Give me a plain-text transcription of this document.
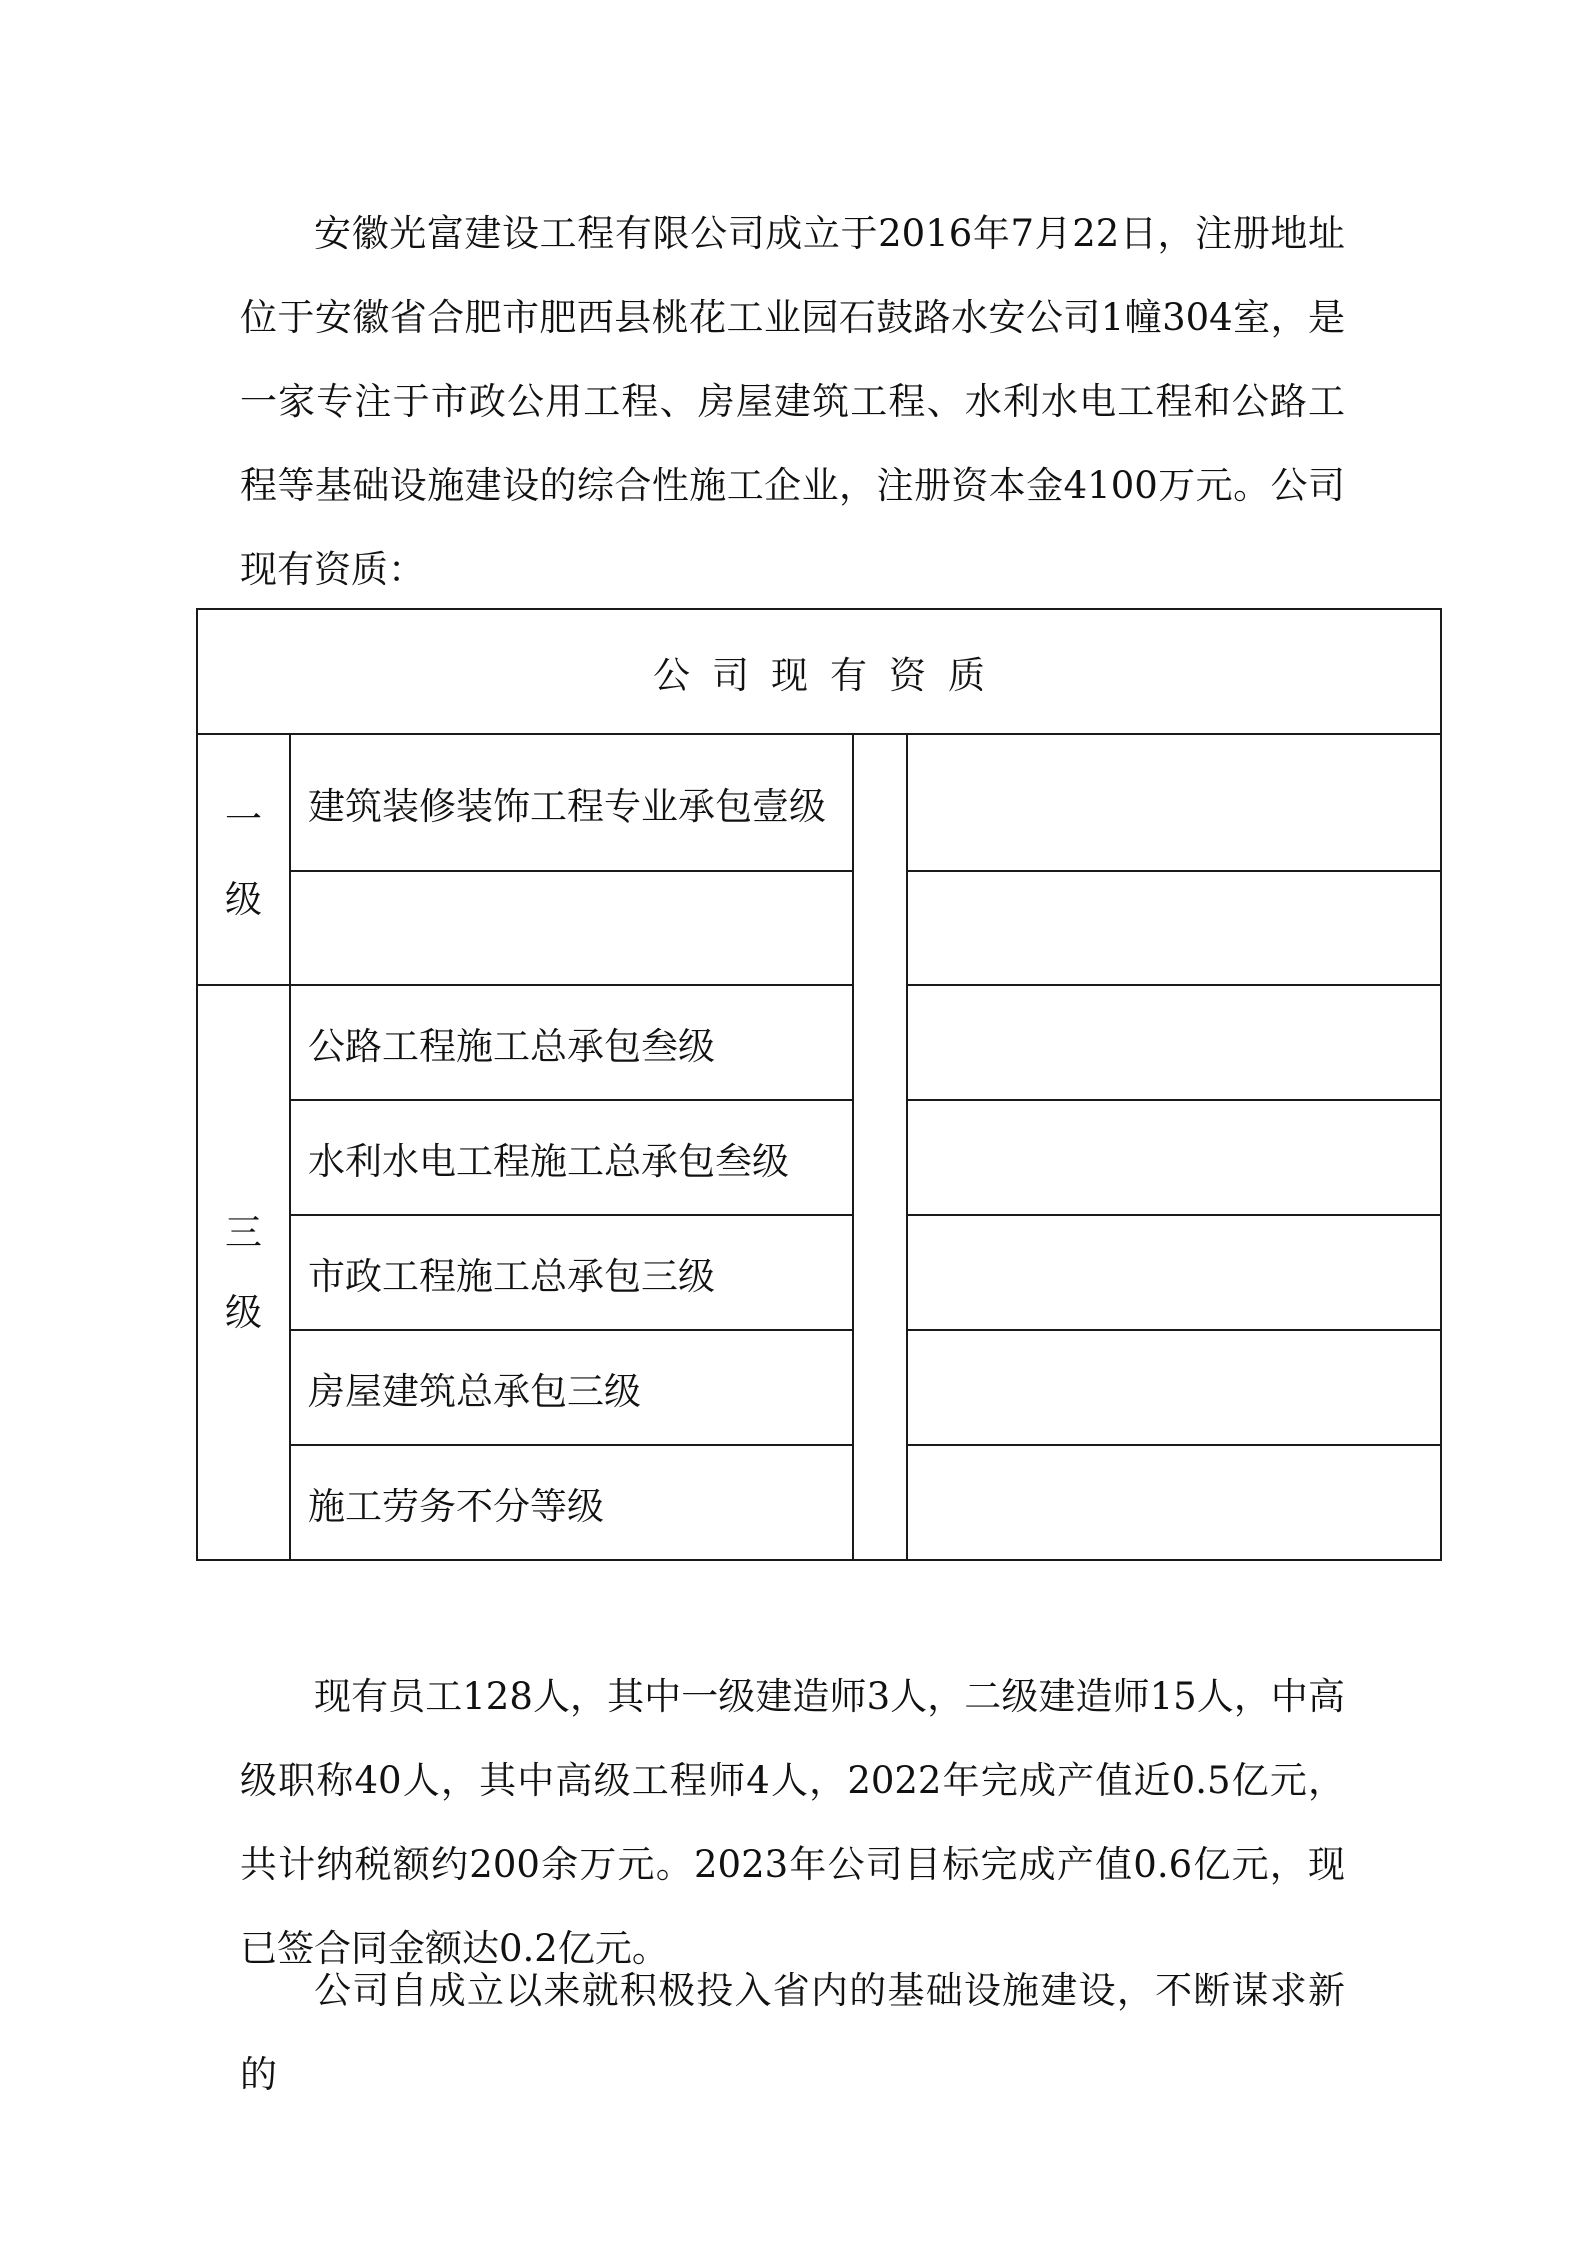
安徽光富建设工程有限公司成立于2016年7月22日，注册地址位于安徽省合肥市肥西县桃花工业园石鼓路水安公司1幢304室，是一家专注于市政公用工程、房屋建筑工程、水利水电工程和公路工程等基础设施建设的综合性施工企业，注册资本金4100万元。公司现有资质：

公司现有资质			

一
级	建筑装修装饰工程专业承包壹级		

三
级	公路工程施工总承包叁级		
	水利水电工程施工总承包叁级		
	市政工程施工总承包三级		
	房屋建筑总承包三级		
	施工劳务不分等级		

现有员工128人，其中一级建造师3人，二级建造师15人，中高级职称40人，其中高级工程师4人，2022年完成产值近0.5亿元，共计纳税额约200余万元。2023年公司目标完成产值0.6亿元，现已签合同金额达0.2亿元。

公司自成立以来就积极投入省内的基础设施建设，不断谋求新的
